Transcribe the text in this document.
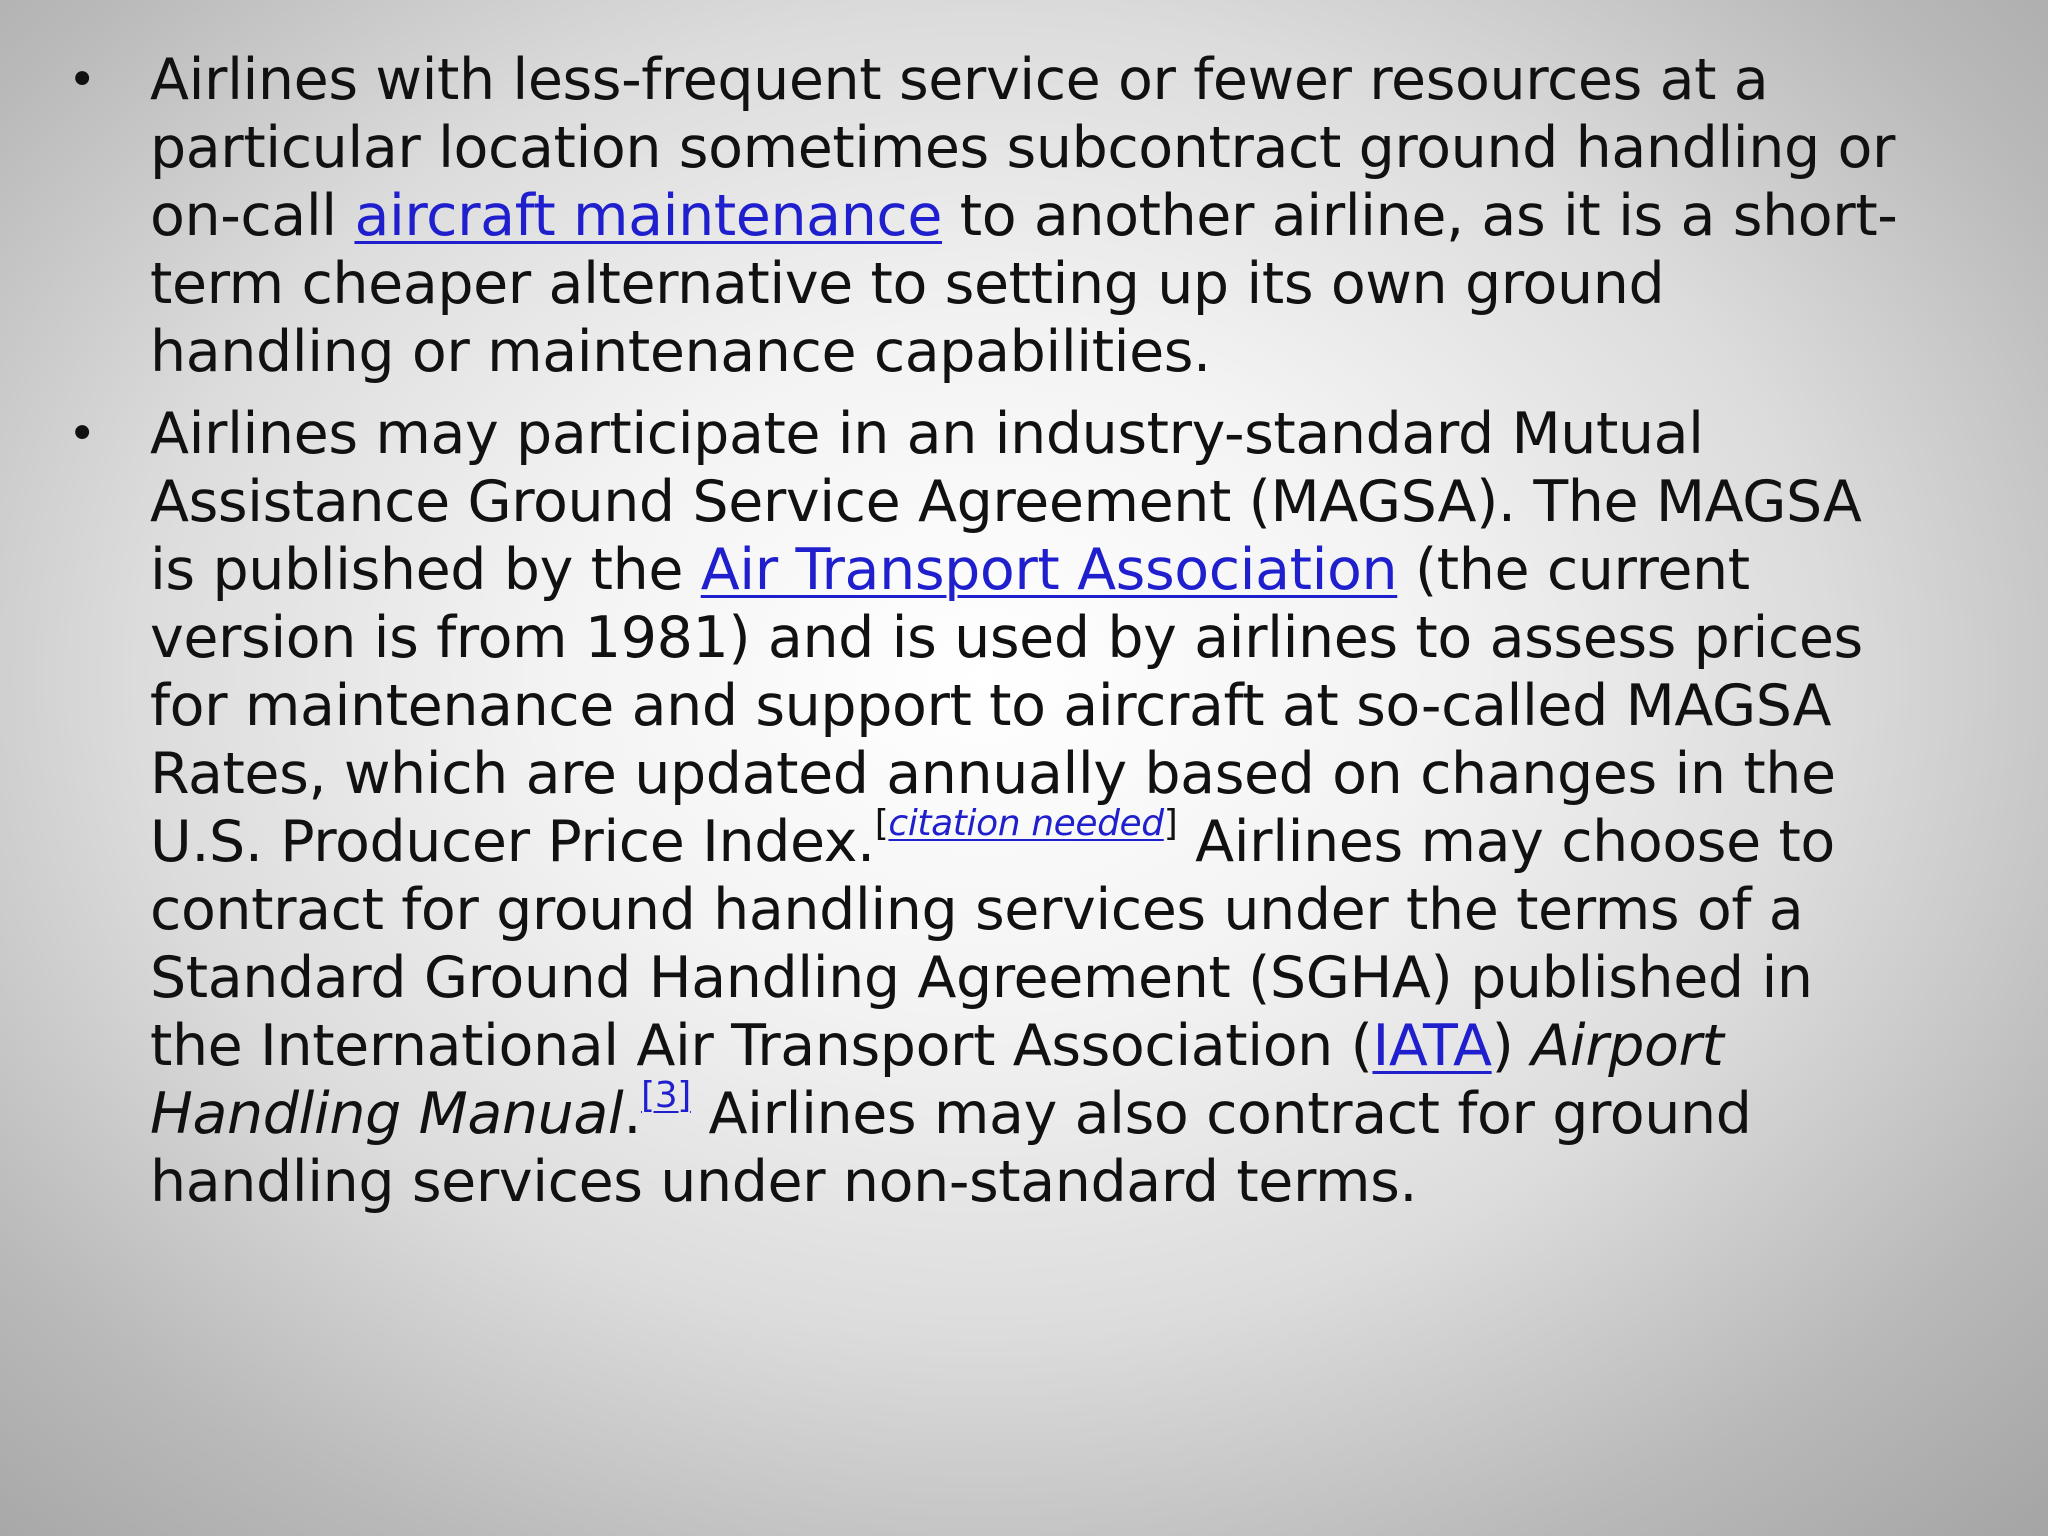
• Airlines with less-frequent service or fewer resources at a particular location sometimes subcontract ground handling or on-call aircraft maintenance to another airline, as it is a short-term cheaper alternative to setting up its own ground handling or maintenance capabilities.
• Airlines may participate in an industry-standard Mutual Assistance Ground Service Agreement (MAGSA). The MAGSA is published by the Air Transport Association (the current version is from 1981) and is used by airlines to assess prices for maintenance and support to aircraft at so-called MAGSA Rates, which are updated annually based on changes in the U.S. Producer Price Index.[citation needed] Airlines may choose to contract for ground handling services under the terms of a Standard Ground Handling Agreement (SGHA) published in the International Air Transport Association (IATA) Airport Handling Manual.[3] Airlines may also contract for ground handling services under non-standard terms.
